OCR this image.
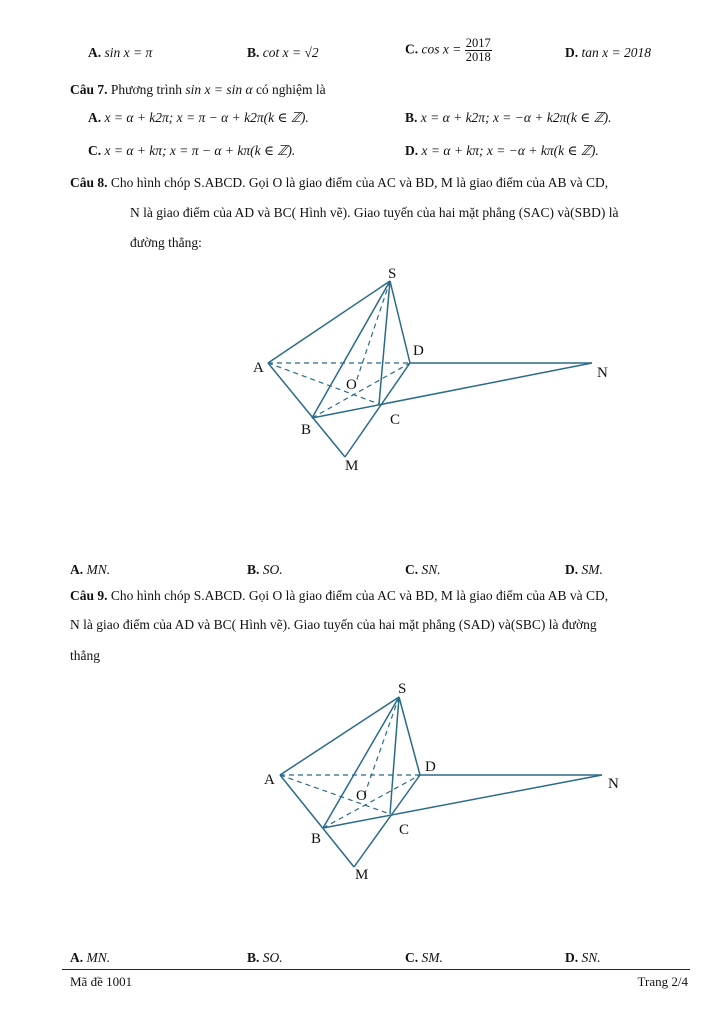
A. sin x = π	B. cot x = √2	C. $\cos x = \frac{2017}{2018}$	D. tan x = 2018
Câu 7. Phương trình sin x = sin α có nghiệm là
A. x = α + k2π; x = π − α + k2π(k ∈ ℤ).	B. x = α + k2π; x = −α + k2π(k ∈ ℤ).
C. x = α + kπ; x = π − α + kπ(k ∈ ℤ).	D. x = α + kπ; x = −α + kπ(k ∈ ℤ).
Câu 8. Cho hình chóp S.ABCD. Gọi O là giao điểm của AC và BD, M là giao điểm của AB và CD,
N là giao điểm của AD và BC( Hình vẽ). Giao tuyến của hai mặt phẳng (SAC) và(SBD) là
đường thẳng:
S
A
D
N
O
C
B
M
S
A
D
N
O
C
B
M
A. MN.	B. SO.	C. SN.	D. SM.
Câu 9. Cho hình chóp S.ABCD. Gọi O là giao điểm của AC và BD, M là giao điểm của AB và CD,
N là giao điểm của AD và BC( Hình vẽ). Giao tuyến của hai mặt phẳng (SAD) và(SBC) là đường
thẳng
A. MN.	B. SO.	C. SM.	D. SN.
Mã đề 1001	Trang 2/4
